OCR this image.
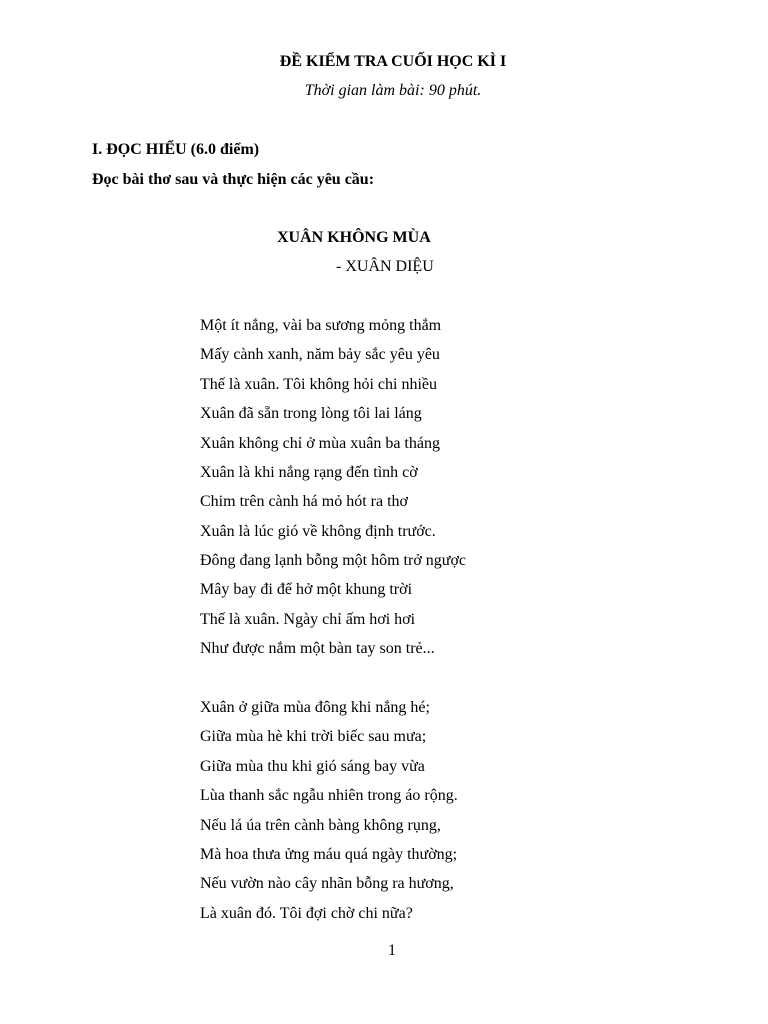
ĐỀ KIỂM TRA CUỐI HỌC KÌ I
Thời gian làm bài: 90 phút.
I. ĐỌC HIỂU (6.0 điểm)
Đọc bài thơ sau và thực hiện các yêu cầu:
XUÂN KHÔNG MÙA
- XUÂN DIỆU
Một ít nắng, vài ba sương mỏng thắm
Mấy cành xanh, năm bảy sắc yêu yêu
Thế là xuân. Tôi không hỏi chi nhiều
Xuân đã sẵn trong lòng tôi lai láng
Xuân không chỉ ở mùa xuân ba tháng
Xuân là khi nắng rạng đến tình cờ
Chim trên cành há mỏ hót ra thơ
Xuân là lúc gió về không định trước.
Đông đang lạnh bỗng một hôm trở ngược
Mây bay đi để hở một khung trời
Thế là xuân. Ngày chỉ ấm hơi hơi
Như được nắm một bàn tay son trẻ...
Xuân ở giữa mùa đông khi nắng hé;
Giữa mùa hè khi trời biếc sau mưa;
Giữa mùa thu khi gió sáng bay vừa
Lùa thanh sắc ngẫu nhiên trong áo rộng.
Nếu lá úa trên cành bàng không rụng,
Mà hoa thưa ửng máu quá ngày thường;
Nếu vườn nào cây nhãn bỗng ra hương,
Là xuân đó. Tôi đợi chờ chi nữa?
1
